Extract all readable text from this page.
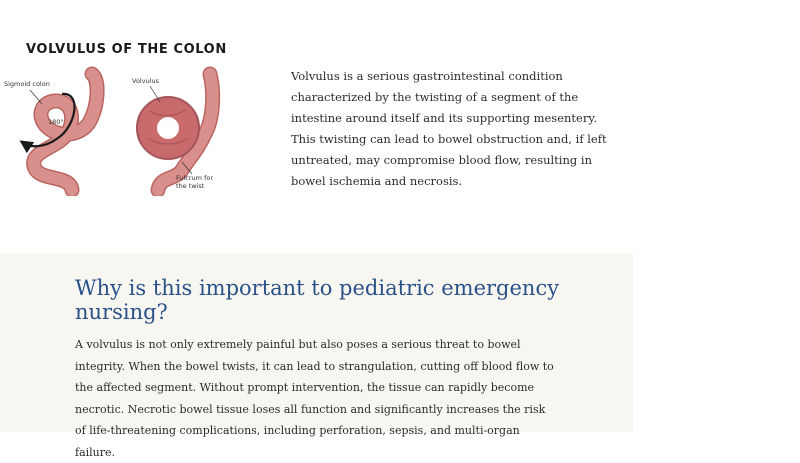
VOLVULUS OF THE COLON
Sigmoid colon
180°
Volvulus
Fulcrum for
the twist

Volvulus is a serious gastrointestinal condition characterized by the twisting of a segment of the intestine around itself and its supporting mesentery. This twisting can lead to bowel obstruction and, if left untreated, may compromise blood flow, resulting in bowel ischemia and necrosis.

Why is this important to pediatric emergency nursing?

A volvulus is not only extremely painful but also poses a serious threat to bowel integrity. When the bowel twists, it can lead to strangulation, cutting off blood flow to the affected segment. Without prompt intervention, the tissue can rapidly become necrotic. Necrotic bowel tissue loses all function and significantly increases the risk of life-threatening complications, including perforation, sepsis, and multi-organ failure.
